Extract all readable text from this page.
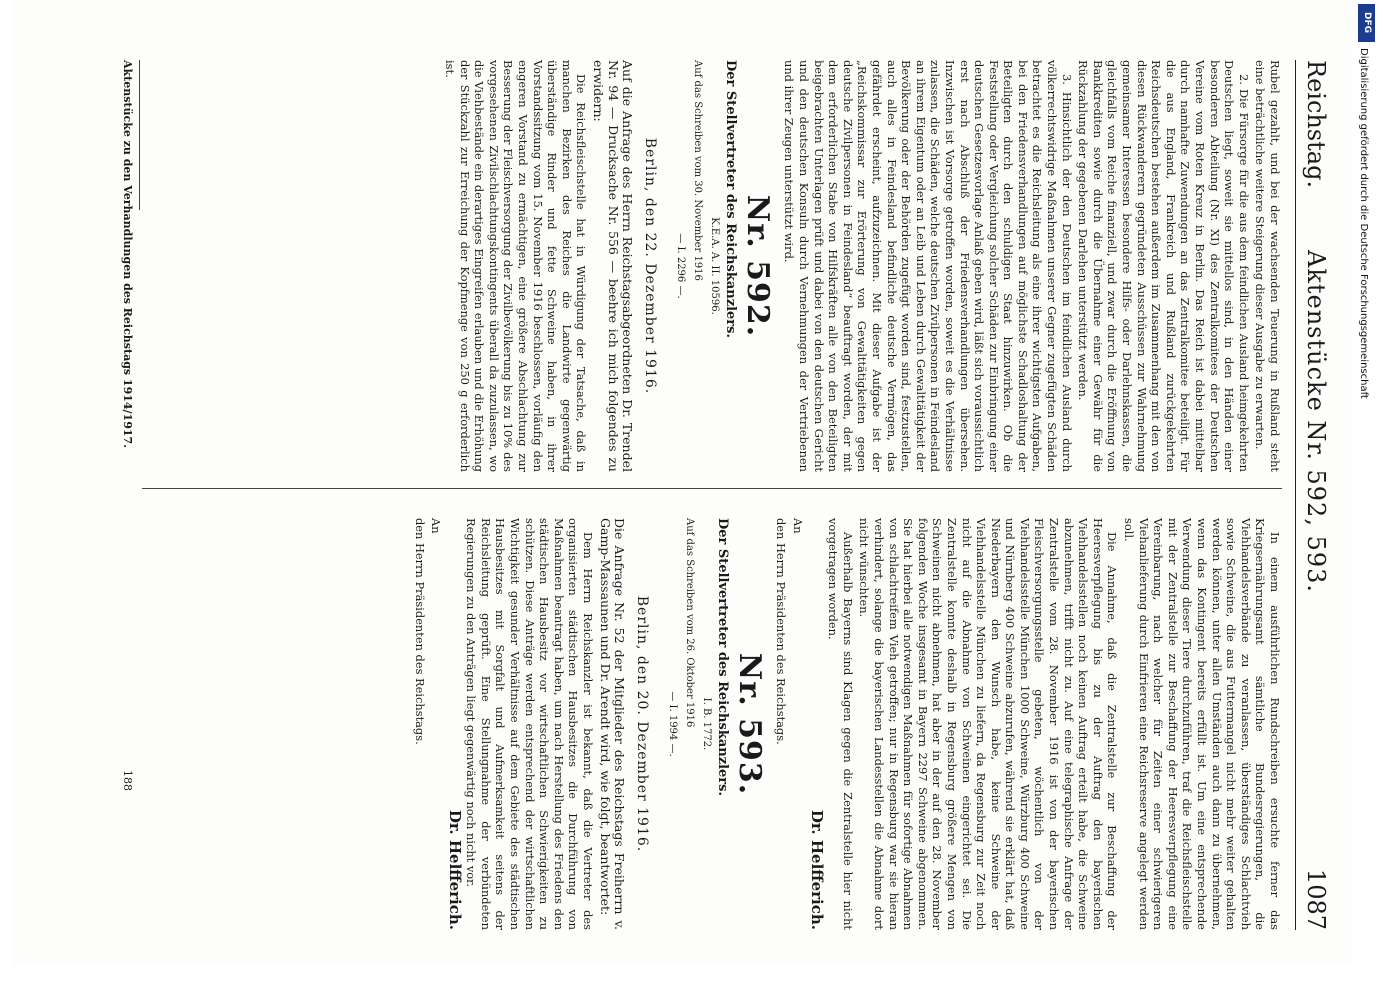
Reichstag.
Aktenstücke Nr. 592, 593.
1087

Rubel gezahlt, und bei der wachsenden Teuerung in Rußland steht eine beträchtliche weitere Steigerung dieser Ausgabe zu erwarten.

2. Die Fürsorge für die aus dem feindlichen Ausland heimgekehrten Deutschen liegt, soweit sie mittellos sind, in den Händen einer besonderen Abteilung (Nr. XI) des Zentralkomitees der Deutschen Vereine vom Roten Kreuz in Berlin. Das Reich ist dabei mittelbar durch namhafte Zuwendungen an das Zentralkomitee beteiligt. Für die aus England, Frankreich und Rußland zurückgekehrten Reichsdeutschen bestehen außerdem im Zusammenhang mit den von diesen Rückwanderern gegründeten Ausschüssen zur Wahrnehmung gemeinsamer Interessen besondere Hilfs- oder Darlehnskassen, die gleichfalls vom Reiche finanziell, und zwar durch die Eröffnung von Bankkrediten sowie durch die Übernahme einer Gewähr für die Rückzahlung der gegebenen Darlehen unterstützt werden.

3. Hinsichtlich der den Deutschen im feindlichen Ausland durch völkerrechtswidrige Maßnahmen unserer Gegner zugefügten Schäden betrachtet es die Reichsleitung als eine ihrer wichtigsten Aufgaben, bei den Friedensverhandlungen auf möglichste Schadloshaltung der Beteiligten durch den schuldigen Staat hinzuwirken. Ob die Feststellung oder Vergleichung solcher Schäden zur Einbringung einer deutschen Gesetzesvorlage Anlaß geben wird, läßt sich voraussichtlich erst nach Abschluß der Friedensverhandlungen übersehen. Inzwischen ist Vorsorge getroffen worden, soweit es die Verhältnisse zulassen, die Schäden, welche deutschen Zivilpersonen in Feindesland an ihrem Eigentum oder an Leib und Leben durch Gewalttätigkeit der Bevölkerung oder der Behörden zugefügt worden sind, festzustellen, auch alles in Feindesland befindliche deutsche Vermögen, das gefährdet erscheint, aufzuzeichnen. Mit dieser Aufgabe ist der „Reichskommissar zur Erörterung von Gewalttätigkeiten gegen deutsche Zivilpersonen in Feindesland“ beauftragt worden, der mit dem erforderlichen Stabe von Hilfskräften alle von den Beteiligten beigebrachten Unterlagen prüft und dabei von den deutschen Gericht und den deutschen Konsuln durch Vernehmungen der Vertriebenen und ihrer Zeugen unterstützt wird.

Nr. 592.

Der Stellvertreter des Reichskanzlers.

K.E.A. A. II. 10596.

Auf das Schreiben vom 30. November 1916

— I. 2296 —.

Berlin, den 22. Dezember 1916.

Auf die Anfrage des Herrn Reichstagsabgeordneten Dr. Trendel Nr. 94 — Drucksache Nr. 556 — beehre ich mich folgendes zu erwidern:

Die Reichsfleischstelle hat in Würdigung der Tatsache, daß in manchen Bezirken des Reiches die Landwirte gegenwärtig überständige Rinder und fette Schweine haben, in ihrer Vorstandssitzung vom 15. November 1916 beschlossen, vorläufig den engeren Vorstand zu ermächtigen, eine größere Abschlachtung zur Besserung der Fleischversorgung der Zivilbevölkerung bis zu 10% des vorgesehenen Zivilschlachtungskontingents überall da zuzulassen, wo die Viehbestände ein derartiges Eingreifen erlauben und die Erhöhung der Stückzahl zur Erreichung der Kopfmenge von 250 g erforderlich ist.

In einem ausführlichen Rundschreiben ersuchte ferner das Kriegsernährungsamt sämtliche Bundesregierungen, die Viehhandelsverbände zu veranlassen, überständiges Schlachtvieh sowie Schweine, die aus Futtermangel nicht mehr weiter gehalten werden können, unter allen Umständen auch dann zu übernehmen, wenn das Kontingent bereits erfüllt ist. Um eine entsprechende Verwendung dieser Tiere durchzuführen, traf die Reichsfleischstelle mit der Zentralstelle zur Beschaffung der Heeresverpflegung eine Vereinbarung, nach welcher für Zeiten einer schwierigeren Viehanlieferung durch Einfrieren eine Reichsreserve angelegt werden soll.

Die Annahme, daß die Zentralstelle zur Beschaffung der Heeresverpflegung bis zu der Auftrag den bayerischen Viehhandelsstellen noch keinen Auftrag erteilt habe, die Schweine abzunehmen, trifft nicht zu. Auf eine telegraphische Anfrage der Zentralstelle vom 28. November 1916 ist von der bayerischen Fleischversorgungsstelle gebeten, wöchentlich von der Viehhandelsstelle München 1000 Schweine, Würzburg 400 Schweine und Nürnberg 400 Schweine abzurufen, während sie erklärt hat, daß Niederbayern den Wunsch habe, keine Schweine der Viehhandelsstelle München zu liefern, da Regensburg zur Zeit noch nicht auf die Abnahme von Schweinen eingerichtet sei. Die Zentralstelle konnte deshalb in Regensburg größere Mengen von Schweinen nicht abnehmen, hat aber in der auf den 28. November folgenden Woche insgesamt in Bayern 2297 Schweine abgenommen. Sie hat hierbei alle notwendigen Maßnahmen für sofortige Abnahmen von schlachtreifem Vieh getroffen; nur in Regensburg war sie hieran verhindert, solange die bayerischen Landesstellen die Abnahme dort nicht wünschten.

Außerhalb Bayerns sind Klagen gegen die Zentralstelle hier nicht vorgetragen worden.

Dr. Helfferich.

An

den Herrn Präsidenten des Reichstags.

Nr. 593.

Der Stellvertreter des Reichskanzlers.

I. B. 1772.

Auf das Schreiben vom 26. Oktober 1916

— I. 1994 —.

Berlin, den 20. Dezember 1916.

Die Anfrage Nr. 52 der Mitglieder des Reichstags Freiherrn v. Gamp-Massaunen und Dr. Arendt wird, wie folgt, beantwortet:

Dem Herrn Reichskanzler ist bekannt, daß die Vertreter des organisierten städtischen Hausbesitzes die Durchführung von Maßnahmen beantragt haben, um nach Herstellung des Friedens den städtischen Hausbesitz vor wirtschaftlichen Schwierigkeiten zu schützen. Diese Anträge werden entsprechend der wirtschaftlichen Wichtigkeit gesunder Verhältnisse auf dem Gebiete des städtischen Hausbesitzes mit Sorgfalt und Aufmerksamkeit seitens der Reichsleitung geprüft. Eine Stellungnahme der verbündeten Regierungen zu den Anträgen liegt gegenwärtig noch nicht vor.

Dr. Helfferich.

An

den Herrn Präsidenten des Reichstags.

Aktenstücke zu den Verhandlungen des Reichstags 1914/1917.
188
DFG
Digitalisierung gefördert durch die Deutsche Forschungsgemeinschaft
